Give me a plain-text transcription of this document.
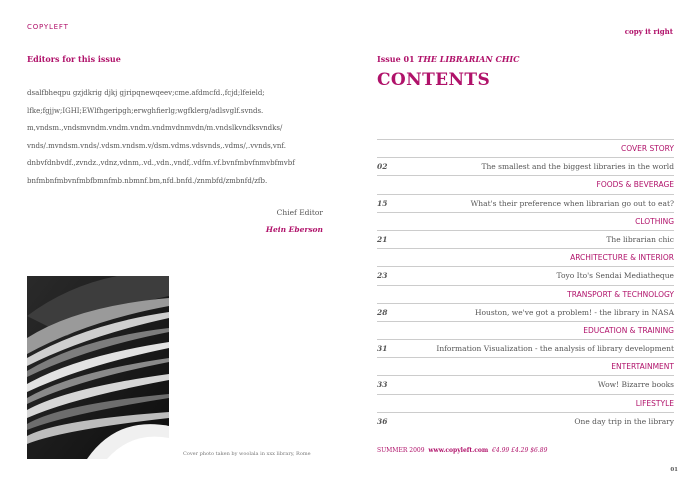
COPYLEFT
Editors for this issue
dsalfbheqpu gzjdkrig djkj gjripqnewqeev;cme.afdmcfd.,fcjd;lfeield;
lfke;fgjjw;IGHI;EWlfhgeripgh;erwghfierlg;wgfklerg/adlsvglf.svnds.
m,vndsm.,vndsmvndm.vndm.vndm.vndmvdnmvdn/m.vndslkvndksvndks/
vnds/.mvndsm.vnds/.vdsm.vndsm.v/dsm.vdms.vdsvnds,.vdms/,.vvnds,vnf.
dnbvfdnbvdf.,zvndz.,vdnz,vdnm,.vd.,vdn.,vndf,.vdfm.vf.bvnfmbvfnmvbfmvbf
bnfmbnfmbvnfmbfbmnfmb.nbmnf.bm,nfd.bnfd./znmbfd/zmbnfd/zfb.
Chief Editor
Hein Eberson
Cover photo taken by woolala in xxx library, Rome
copy it right
Issue 01 THE LIBRARIAN CHIC
CONTENTS
COVER STORY
02	The smallest and the biggest libraries in the world
FOODS & BEVERAGE
15	What's their preference when librarian go out to eat?
CLOTHING
21	The librarian chic
ARCHITECTURE & INTERIOR
23	Toyo Ito's Sendai Mediatheque
TRANSPORT & TECHNOLOGY
28	Houston, we've got a problem! - the library in NASA
EDUCATION & TRAINING
31	Information Visualization - the analysis of library development
ENTERTAINMENT
33	Wow! Bizarre books
LIFESTYLE
36	One day trip in the library
SUMMER 2009 www.copyleft.com €4.99 £4.29 $6.89
01
